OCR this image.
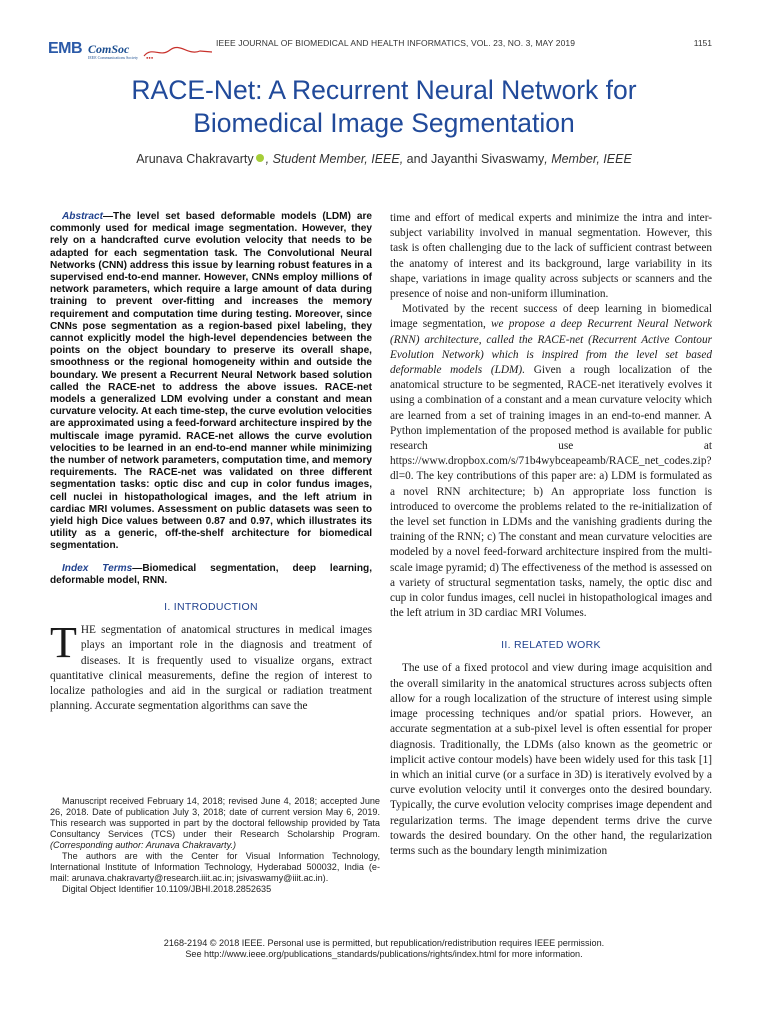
EMB ComSoc
IEEE Communications Society ●●●
IEEE JOURNAL OF BIOMEDICAL AND HEALTH INFORMATICS, VOL. 23, NO. 3, MAY 2019	1151
RACE-Net: A Recurrent Neural Network for
Biomedical Image Segmentation
Arunava Chakravarty , Student Member, IEEE, and Jayanthi Sivaswamy, Member, IEEE

Abstract—The level set based deformable models (LDM) are commonly used for medical image segmentation. However, they rely on a handcrafted curve evolution velocity that needs to be adapted for each segmentation task. The Convolutional Neural Networks (CNN) address this issue by learning robust features in a supervised end-to-end manner. However, CNNs employ millions of network parameters, which require a large amount of data during training to prevent over-fitting and increases the memory requirement and computation time during testing. Moreover, since CNNs pose segmentation as a region-based pixel labeling, they cannot explicitly model the high-level dependencies between the points on the object boundary to preserve its overall shape, smoothness or the regional homogeneity within and outside the boundary. We present a Recurrent Neural Network based solution called the RACE-net to address the above issues. RACE-net models a generalized LDM evolving under a constant and mean curvature velocity. At each time-step, the curve evolution velocities are approximated using a feed-forward architecture inspired by the multiscale image pyramid. RACE-net allows the curve evolution velocities to be learned in an end-to-end manner while minimizing the number of network parameters, computation time, and memory requirements. The RACE-net was validated on three different segmentation tasks: optic disc and cup in color fundus images, cell nuclei in histopathological images, and the left atrium in cardiac MRI volumes. Assessment on public datasets was seen to yield high Dice values between 0.87 and 0.97, which illustrates its utility as a generic, off-the-shelf architecture for biomedical segmentation.

Index Terms—Biomedical segmentation, deep learning, deformable model, RNN.

I. INTRODUCTION

THE segmentation of anatomical structures in medical images plays an important role in the diagnosis and treatment of diseases. It is frequently used to visualize organs, extract quantitative clinical measurements, define the region of interest to localize pathologies and aid in the surgical or radiation treatment planning. Accurate segmentation algorithms can save the

Manuscript received February 14, 2018; revised June 4, 2018; accepted June 26, 2018. Date of publication July 3, 2018; date of current version May 6, 2019. This research was supported in part by the doctoral fellowship provided by Tata Consultancy Services (TCS) under their Research Scholarship Program. (Corresponding author: Arunava Chakravarty.)

The authors are with the Center for Visual Information Technology, International Institute of Information Technology, Hyderabad 500032, India (e-mail: arunava.chakravarty@research.iiit.ac.in; jsivaswamy@iiit.ac.in).

Digital Object Identifier 10.1109/JBHI.2018.2852635

time and effort of medical experts and minimize the intra and inter-subject variability involved in manual segmentation. However, this task is often challenging due to the lack of sufficient contrast between the anatomy of interest and its background, large variability in its shape, variations in image quality across subjects or scanners and the presence of noise and non-uniform illumination.

Motivated by the recent success of deep learning in biomedical image segmentation, we propose a deep Recurrent Neural Network (RNN) architecture, called the RACE-net (Recurrent Active Contour Evolution Network) which is inspired from the level set based deformable models (LDM). Given a rough localization of the anatomical structure to be segmented, RACE-net iteratively evolves it using a combination of a constant and a mean curvature velocity which are learned from a set of training images in an end-to-end manner. A Python implementation of the proposed method is available for public research use at https://www.dropbox.com/s/71b4wybceapeamb/RACE_net_codes.zip?dl=0. The key contributions of this paper are: a) LDM is formulated as a novel RNN architecture; b) An appropriate loss function is introduced to overcome the problems related to the re-initialization of the level set function in LDMs and the vanishing gradients during the training of the RNN; c) The constant and mean curvature velocities are modeled by a novel feed-forward architecture inspired from the multi-scale image pyramid; d) The effectiveness of the method is assessed on a variety of structural segmentation tasks, namely, the optic disc and cup in color fundus images, cell nuclei in histopathological images and the left atrium in 3D cardiac MRI Volumes.

II. RELATED WORK

The use of a fixed protocol and view during image acquisition and the overall similarity in the anatomical structures across subjects often allow for a rough localization of the structure of interest using simple image processing techniques and/or spatial priors. However, an accurate segmentation at a sub-pixel level is often essential for proper diagnosis. Traditionally, the LDMs (also known as the geometric or implicit active contour models) have been widely used for this task [1] in which an initial curve (or a surface in 3D) is iteratively evolved by a curve evolution velocity until it converges onto the desired boundary. Typically, the curve evolution velocity comprises image dependent and regularization terms. The image dependent terms drive the curve towards the desired boundary. On the other hand, the regularization terms such as the boundary length minimization

2168-2194 © 2018 IEEE. Personal use is permitted, but republication/redistribution requires IEEE permission.
See http://www.ieee.org/publications_standards/publications/rights/index.html for more information.
